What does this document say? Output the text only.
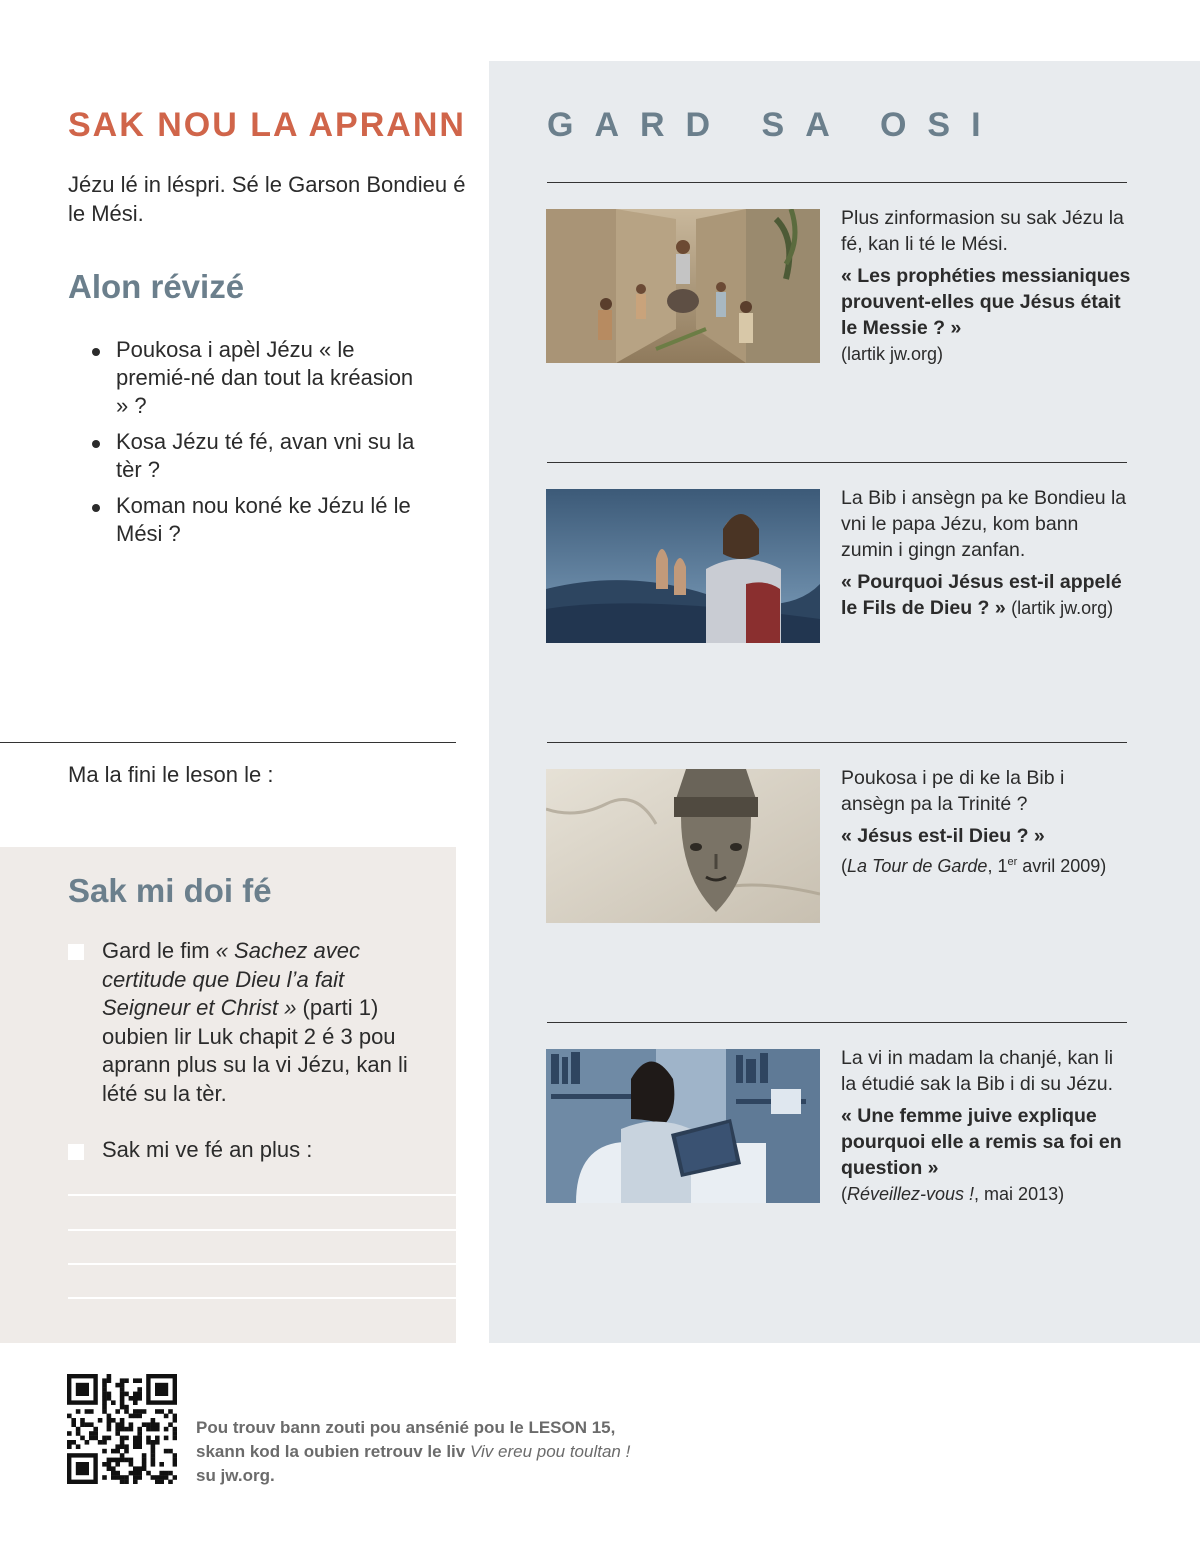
SAK NOU LA APRANN
Jézu lé in léspri. Sé le Garson Bondieu é le Mési.
Alon révizé
Poukosa i apèl Jézu « le premié-né dan tout la kréasion » ?
Kosa Jézu té fé, avan vni su la tèr ?
Koman nou koné ke Jézu lé le Mési ?
Ma la fini le leson le :
Sak mi doi fé
Gard le fim « Sachez avec certitude que Dieu l’a fait Seigneur et Christ » (parti 1) oubien lir Luk chapit 2 é 3 pou aprann plus su la vi Jézu, kan li lété su la tèr.
Sak mi ve fé an plus :
GARD SA OSI

Plus zinformasion su sak Jézu la fé, kan li té le Mési.

« Les prophéties messianiques prouvent-elles que Jésus était le Messie ? »

(lartik jw.org)

La Bib i ansègn pa ke Bondieu la vni le papa Jézu, kom bann zumin i gingn zanfan.

« Pourquoi Jésus est-il appelé le Fils de Dieu ? » (lartik jw.org)

Poukosa i pe di ke la Bib i ansègn pa la Trinité ?

« Jésus est-il Dieu ? »

(La Tour de Garde, 1er avril 2009)

La vi in madam la chanjé, kan li la étudié sak la Bib i di su Jézu.

« Une femme juive explique pourquoi elle a remis sa foi en question »

(Réveillez-vous !, mai 2013)

Pou trouv bann zouti pou ansénié pou le LESON 15,
skann kod la oubien retrouv le liv Viv ereu pou toultan !
su jw.org.
